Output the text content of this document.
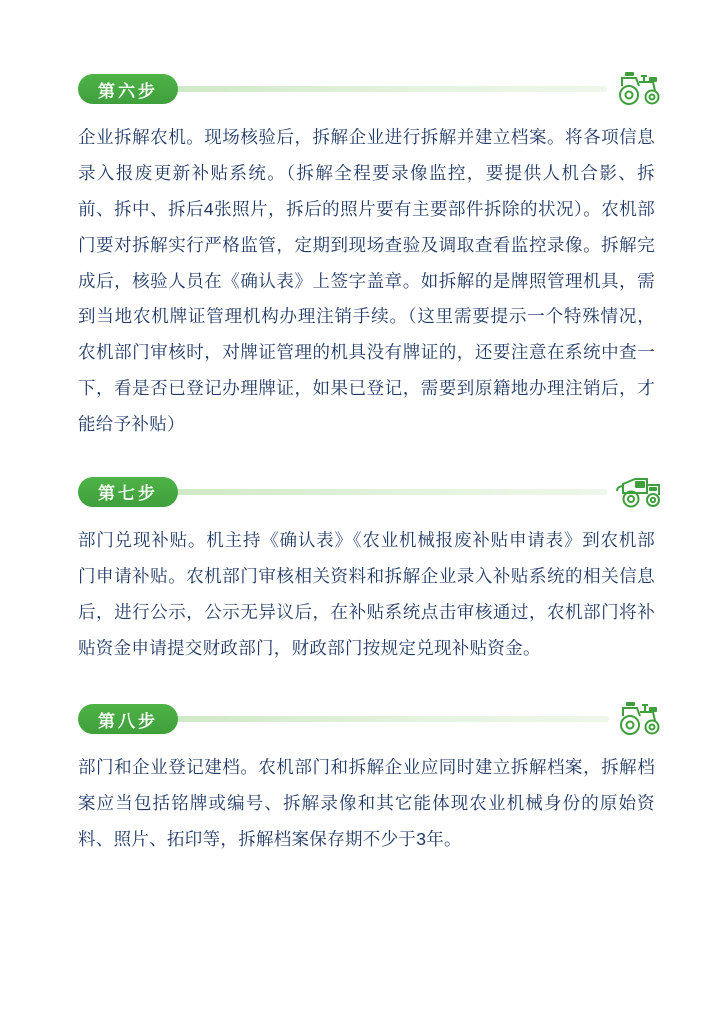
第六步
企业拆解农机。现场核验后，拆解企业进行拆解并建立档案。将各项信息录入报废更新补贴系统。（拆解全程要录像监控，要提供人机合影、拆前、拆中、拆后4张照片，拆后的照片要有主要部件拆除的状况）。农机部门要对拆解实行严格监管，定期到现场查验及调取查看监控录像。拆解完成后，核验人员在《确认表》上签字盖章。如拆解的是牌照管理机具，需到当地农机牌证管理机构办理注销手续。（这里需要提示一个特殊情况，农机部门审核时，对牌证管理的机具没有牌证的，还要注意在系统中查一下，看是否已登记办理牌证，如果已登记，需要到原籍地办理注销后，才能给予补贴）
第七步
部门兑现补贴。机主持《确认表》《农业机械报废补贴申请表》到农机部门申请补贴。农机部门审核相关资料和拆解企业录入补贴系统的相关信息后，进行公示，公示无异议后，在补贴系统点击审核通过，农机部门将补贴资金申请提交财政部门，财政部门按规定兑现补贴资金。
第八步
部门和企业登记建档。农机部门和拆解企业应同时建立拆解档案，拆解档案应当包括铭牌或编号、拆解录像和其它能体现农业机械身份的原始资料、照片、拓印等，拆解档案保存期不少于3年。
